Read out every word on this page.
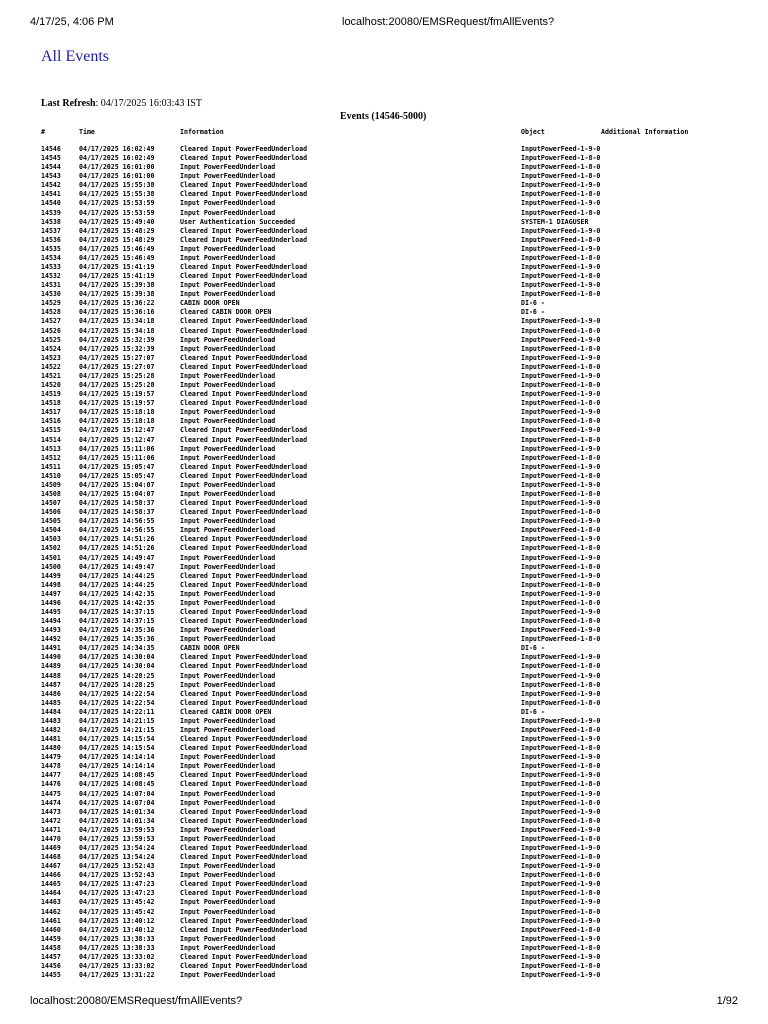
4/17/25, 4:06 PM	localhost:20080/EMSRequest/fmAllEvents?
All Events
Last Refresh: 04/17/2025 16:03:43 IST
Events (14546-5000)
#	Time	Information	Object	Additional Information
14546	04/17/2025 16:02:49	Cleared Input PowerFeedUnderload	InputPowerFeed-1-9-0
14545	04/17/2025 16:02:49	Cleared Input PowerFeedUnderload	InputPowerFeed-1-8-0
14544	04/17/2025 16:01:00	Input PowerFeedUnderload	InputPowerFeed-1-8-0
14543	04/17/2025 16:01:00	Input PowerFeedUnderload	InputPowerFeed-1-8-0
14542	04/17/2025 15:55:38	Cleared Input PowerFeedUnderload	InputPowerFeed-1-9-0
14541	04/17/2025 15:55:38	Cleared Input PowerFeedUnderload	InputPowerFeed-1-8-0
14540	04/17/2025 15:53:59	Input PowerFeedUnderload	InputPowerFeed-1-9-0
14539	04/17/2025 15:53:59	Input PowerFeedUnderload	InputPowerFeed-1-8-0
14538	04/17/2025 15:49:40	User Authentication Succeeded	SYSTEM-1 DIAGUSER
14537	04/17/2025 15:48:29	Cleared Input PowerFeedUnderload	InputPowerFeed-1-9-0
14536	04/17/2025 15:48:29	Cleared Input PowerFeedUnderload	InputPowerFeed-1-8-0
14535	04/17/2025 15:46:49	Input PowerFeedUnderload	InputPowerFeed-1-9-0
14534	04/17/2025 15:46:49	Input PowerFeedUnderload	InputPowerFeed-1-8-0
14533	04/17/2025 15:41:19	Cleared Input PowerFeedUnderload	InputPowerFeed-1-9-0
14532	04/17/2025 15:41:19	Cleared Input PowerFeedUnderload	InputPowerFeed-1-8-0
14531	04/17/2025 15:39:38	Input PowerFeedUnderload	InputPowerFeed-1-9-0
14530	04/17/2025 15:39:38	Input PowerFeedUnderload	InputPowerFeed-1-8-0
14529	04/17/2025 15:36:22	CABIN DOOR OPEN	DI-6 -
14528	04/17/2025 15:36:16	Cleared CABIN DOOR OPEN	DI-6 -
14527	04/17/2025 15:34:18	Cleared Input PowerFeedUnderload	InputPowerFeed-1-9-0
14526	04/17/2025 15:34:18	Cleared Input PowerFeedUnderload	InputPowerFeed-1-8-0
14525	04/17/2025 15:32:39	Input PowerFeedUnderload	InputPowerFeed-1-9-0
14524	04/17/2025 15:32:39	Input PowerFeedUnderload	InputPowerFeed-1-8-0
14523	04/17/2025 15:27:07	Cleared Input PowerFeedUnderload	InputPowerFeed-1-9-0
14522	04/17/2025 15:27:07	Cleared Input PowerFeedUnderload	InputPowerFeed-1-8-0
14521	04/17/2025 15:25:28	Input PowerFeedUnderload	InputPowerFeed-1-9-0
14520	04/17/2025 15:25:28	Input PowerFeedUnderload	InputPowerFeed-1-8-0
14519	04/17/2025 15:19:57	Cleared Input PowerFeedUnderload	InputPowerFeed-1-9-0
14518	04/17/2025 15:19:57	Cleared Input PowerFeedUnderload	InputPowerFeed-1-8-0
14517	04/17/2025 15:18:18	Input PowerFeedUnderload	InputPowerFeed-1-9-0
14516	04/17/2025 15:18:18	Input PowerFeedUnderload	InputPowerFeed-1-8-0
14515	04/17/2025 15:12:47	Cleared Input PowerFeedUnderload	InputPowerFeed-1-9-0
14514	04/17/2025 15:12:47	Cleared Input PowerFeedUnderload	InputPowerFeed-1-8-0
14513	04/17/2025 15:11:06	Input PowerFeedUnderload	InputPowerFeed-1-9-0
14512	04/17/2025 15:11:06	Input PowerFeedUnderload	InputPowerFeed-1-8-0
14511	04/17/2025 15:05:47	Cleared Input PowerFeedUnderload	InputPowerFeed-1-9-0
14510	04/17/2025 15:05:47	Cleared Input PowerFeedUnderload	InputPowerFeed-1-8-0
14509	04/17/2025 15:04:07	Input PowerFeedUnderload	InputPowerFeed-1-9-0
14508	04/17/2025 15:04:07	Input PowerFeedUnderload	InputPowerFeed-1-8-0
14507	04/17/2025 14:58:37	Cleared Input PowerFeedUnderload	InputPowerFeed-1-9-0
14506	04/17/2025 14:58:37	Cleared Input PowerFeedUnderload	InputPowerFeed-1-8-0
14505	04/17/2025 14:56:55	Input PowerFeedUnderload	InputPowerFeed-1-9-0
14504	04/17/2025 14:56:55	Input PowerFeedUnderload	InputPowerFeed-1-8-0
14503	04/17/2025 14:51:26	Cleared Input PowerFeedUnderload	InputPowerFeed-1-9-0
14502	04/17/2025 14:51:26	Cleared Input PowerFeedUnderload	InputPowerFeed-1-8-0
14501	04/17/2025 14:49:47	Input PowerFeedUnderload	InputPowerFeed-1-9-0
14500	04/17/2025 14:49:47	Input PowerFeedUnderload	InputPowerFeed-1-8-0
14499	04/17/2025 14:44:25	Cleared Input PowerFeedUnderload	InputPowerFeed-1-9-0
14498	04/17/2025 14:44:25	Cleared Input PowerFeedUnderload	InputPowerFeed-1-8-0
14497	04/17/2025 14:42:35	Input PowerFeedUnderload	InputPowerFeed-1-9-0
14496	04/17/2025 14:42:35	Input PowerFeedUnderload	InputPowerFeed-1-8-0
14495	04/17/2025 14:37:15	Cleared Input PowerFeedUnderload	InputPowerFeed-1-9-0
14494	04/17/2025 14:37:15	Cleared Input PowerFeedUnderload	InputPowerFeed-1-8-0
14493	04/17/2025 14:35:36	Input PowerFeedUnderload	InputPowerFeed-1-9-0
14492	04/17/2025 14:35:36	Input PowerFeedUnderload	InputPowerFeed-1-8-0
14491	04/17/2025 14:34:35	CABIN DOOR OPEN	DI-6 -
14490	04/17/2025 14:30:04	Cleared Input PowerFeedUnderload	InputPowerFeed-1-9-0
14489	04/17/2025 14:30:04	Cleared Input PowerFeedUnderload	InputPowerFeed-1-8-0
14488	04/17/2025 14:28:25	Input PowerFeedUnderload	InputPowerFeed-1-9-0
14487	04/17/2025 14:28:25	Input PowerFeedUnderload	InputPowerFeed-1-8-0
14486	04/17/2025 14:22:54	Cleared Input PowerFeedUnderload	InputPowerFeed-1-9-0
14485	04/17/2025 14:22:54	Cleared Input PowerFeedUnderload	InputPowerFeed-1-8-0
14484	04/17/2025 14:22:11	Cleared CABIN DOOR OPEN	DI-6 -
14483	04/17/2025 14:21:15	Input PowerFeedUnderload	InputPowerFeed-1-9-0
14482	04/17/2025 14:21:15	Input PowerFeedUnderload	InputPowerFeed-1-8-0
14481	04/17/2025 14:15:54	Cleared Input PowerFeedUnderload	InputPowerFeed-1-9-0
14480	04/17/2025 14:15:54	Cleared Input PowerFeedUnderload	InputPowerFeed-1-8-0
14479	04/17/2025 14:14:14	Input PowerFeedUnderload	InputPowerFeed-1-9-0
14478	04/17/2025 14:14:14	Input PowerFeedUnderload	InputPowerFeed-1-8-0
14477	04/17/2025 14:08:45	Cleared Input PowerFeedUnderload	InputPowerFeed-1-9-0
14476	04/17/2025 14:08:45	Cleared Input PowerFeedUnderload	InputPowerFeed-1-8-0
14475	04/17/2025 14:07:04	Input PowerFeedUnderload	InputPowerFeed-1-9-0
14474	04/17/2025 14:07:04	Input PowerFeedUnderload	InputPowerFeed-1-8-0
14473	04/17/2025 14:01:34	Cleared Input PowerFeedUnderload	InputPowerFeed-1-9-0
14472	04/17/2025 14:01:34	Cleared Input PowerFeedUnderload	InputPowerFeed-1-8-0
14471	04/17/2025 13:59:53	Input PowerFeedUnderload	InputPowerFeed-1-9-0
14470	04/17/2025 13:59:53	Input PowerFeedUnderload	InputPowerFeed-1-8-0
14469	04/17/2025 13:54:24	Cleared Input PowerFeedUnderload	InputPowerFeed-1-9-0
14468	04/17/2025 13:54:24	Cleared Input PowerFeedUnderload	InputPowerFeed-1-8-0
14467	04/17/2025 13:52:43	Input PowerFeedUnderload	InputPowerFeed-1-9-0
14466	04/17/2025 13:52:43	Input PowerFeedUnderload	InputPowerFeed-1-8-0
14465	04/17/2025 13:47:23	Cleared Input PowerFeedUnderload	InputPowerFeed-1-9-0
14464	04/17/2025 13:47:23	Cleared Input PowerFeedUnderload	InputPowerFeed-1-8-0
14463	04/17/2025 13:45:42	Input PowerFeedUnderload	InputPowerFeed-1-9-0
14462	04/17/2025 13:45:42	Input PowerFeedUnderload	InputPowerFeed-1-8-0
14461	04/17/2025 13:40:12	Cleared Input PowerFeedUnderload	InputPowerFeed-1-9-0
14460	04/17/2025 13:40:12	Cleared Input PowerFeedUnderload	InputPowerFeed-1-8-0
14459	04/17/2025 13:38:33	Input PowerFeedUnderload	InputPowerFeed-1-9-0
14458	04/17/2025 13:38:33	Input PowerFeedUnderload	InputPowerFeed-1-8-0
14457	04/17/2025 13:33:02	Cleared Input PowerFeedUnderload	InputPowerFeed-1-9-0
14456	04/17/2025 13:33:02	Cleared Input PowerFeedUnderload	InputPowerFeed-1-8-0
14455	04/17/2025 13:31:22	Input PowerFeedUnderload	InputPowerFeed-1-9-0
localhost:20080/EMSRequest/fmAllEvents?	1/92
